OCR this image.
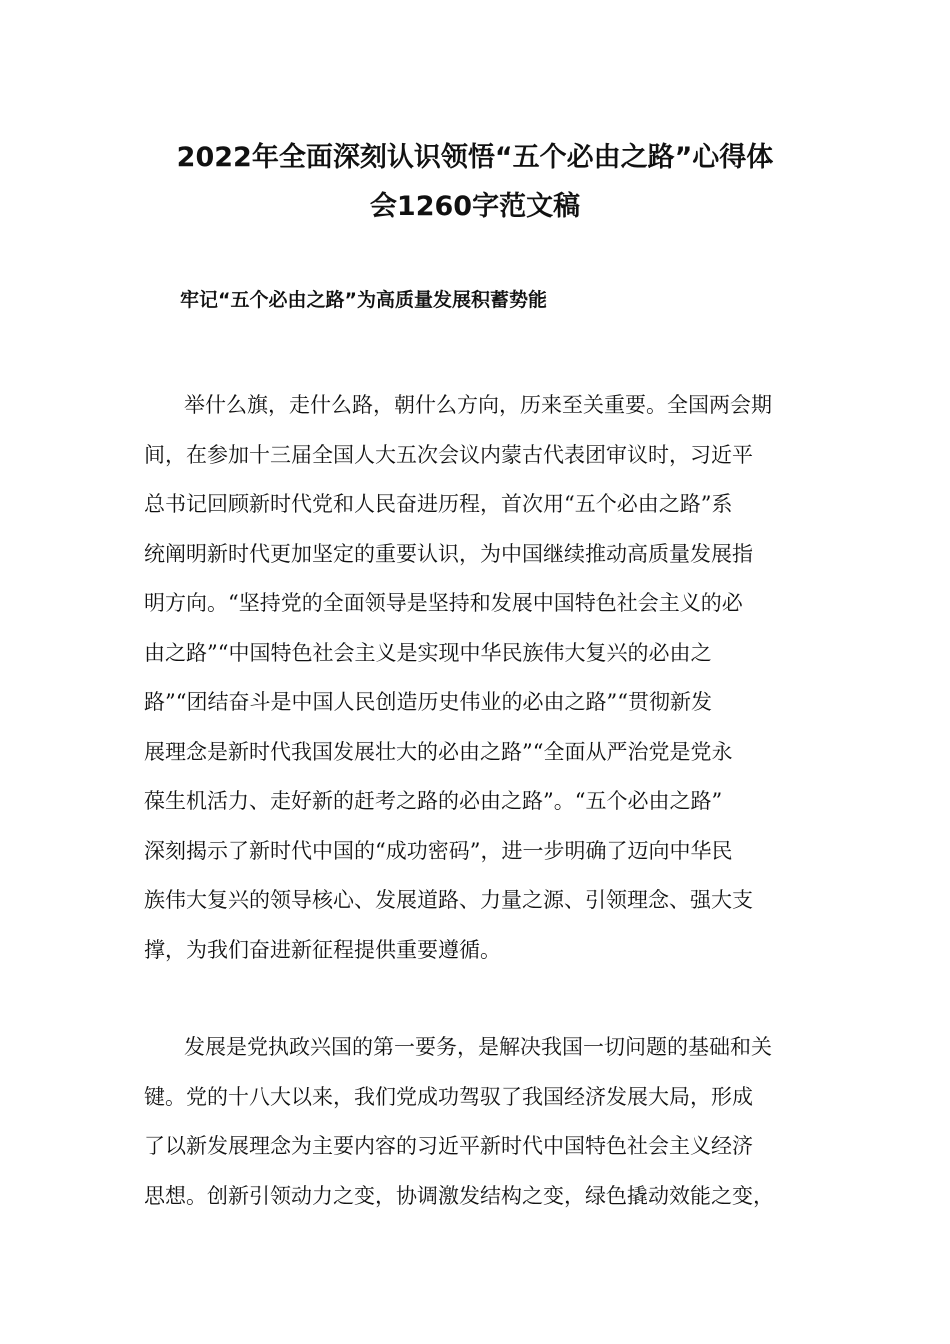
2022年全面深刻认识领悟“五个必由之路”心得体
会1260字范文稿
牢记“五个必由之路”为高质量发展积蓄势能

举什么旗，走什么路，朝什么方向，历来至关重要。全国两会期
间，在参加十三届全国人大五次会议内蒙古代表团审议时，习近平
总书记回顾新时代党和人民奋进历程，首次用“五个必由之路”系
统阐明新时代更加坚定的重要认识，为中国继续推动高质量发展指
明方向。“坚持党的全面领导是坚持和发展中国特色社会主义的必
由之路”“中国特色社会主义是实现中华民族伟大复兴的必由之
路”“团结奋斗是中国人民创造历史伟业的必由之路”“贯彻新发
展理念是新时代我国发展壮大的必由之路”“全面从严治党是党永
葆生机活力、走好新的赶考之路的必由之路”。“五个必由之路”
深刻揭示了新时代中国的“成功密码”，进一步明确了迈向中华民
族伟大复兴的领导核心、发展道路、力量之源、引领理念、强大支
撑，为我们奋进新征程提供重要遵循。

发展是党执政兴国的第一要务，是解决我国一切问题的基础和关
键。党的十八大以来，我们党成功驾驭了我国经济发展大局，形成
了以新发展理念为主要内容的习近平新时代中国特色社会主义经济
思想。创新引领动力之变，协调激发结构之变，绿色撬动效能之变，
